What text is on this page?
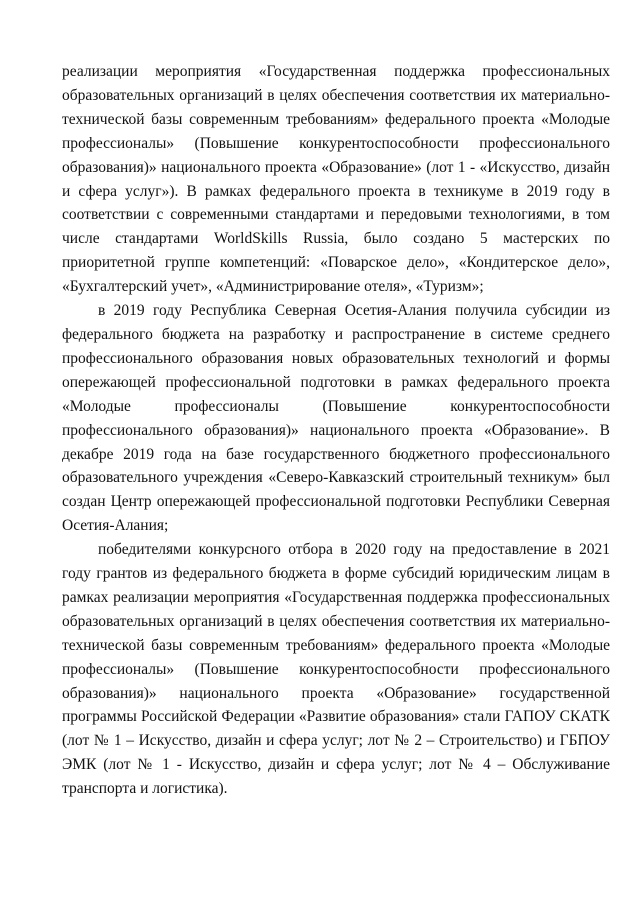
реализации мероприятия «Государственная поддержка профессиональных образовательных организаций в целях обеспечения соответствия их материально-технической базы современным требованиям» федерального проекта «Молодые профессионалы» (Повышение конкурентоспособности профессионального образования)» национального проекта «Образование» (лот 1 - «Искусство, дизайн и сфера услуг»). В рамках федерального проекта в техникуме в 2019 году в соответствии с современными стандартами и передовыми технологиями, в том числе стандартами WorldSkills Russia, было создано 5 мастерских по приоритетной группе компетенций: «Поварское дело», «Кондитерское дело», «Бухгалтерский учет», «Администрирование отеля», «Туризм»;

в 2019 году Республика Северная Осетия-Алания получила субсидии из федерального бюджета на разработку и распространение в системе среднего профессионального образования новых образовательных технологий и формы опережающей профессиональной подготовки в рамках федерального проекта «Молодые профессионалы (Повышение конкурентоспособности профессионального образования)» национального проекта «Образование». В декабре 2019 года на базе государственного бюджетного профессионального образовательного учреждения «Северо-Кавказский строительный техникум» был создан Центр опережающей профессиональной подготовки Республики Северная Осетия-Алания;

победителями конкурсного отбора в 2020 году на предоставление в 2021 году грантов из федерального бюджета в форме субсидий юридическим лицам в рамках реализации мероприятия «Государственная поддержка профессиональных образовательных организаций в целях обеспечения соответствия их материально-технической базы современным требованиям» федерального проекта «Молодые профессионалы» (Повышение конкурентоспособности профессионального образования)» национального проекта «Образование» государственной программы Российской Федерации «Развитие образования» стали ГАПОУ СКАТК (лот № 1 – Искусство, дизайн и сфера услуг; лот № 2 – Строительство) и ГБПОУ ЭМК (лот № 1 - Искусство, дизайн и сфера услуг; лот № 4 – Обслуживание транспорта и логистика).
